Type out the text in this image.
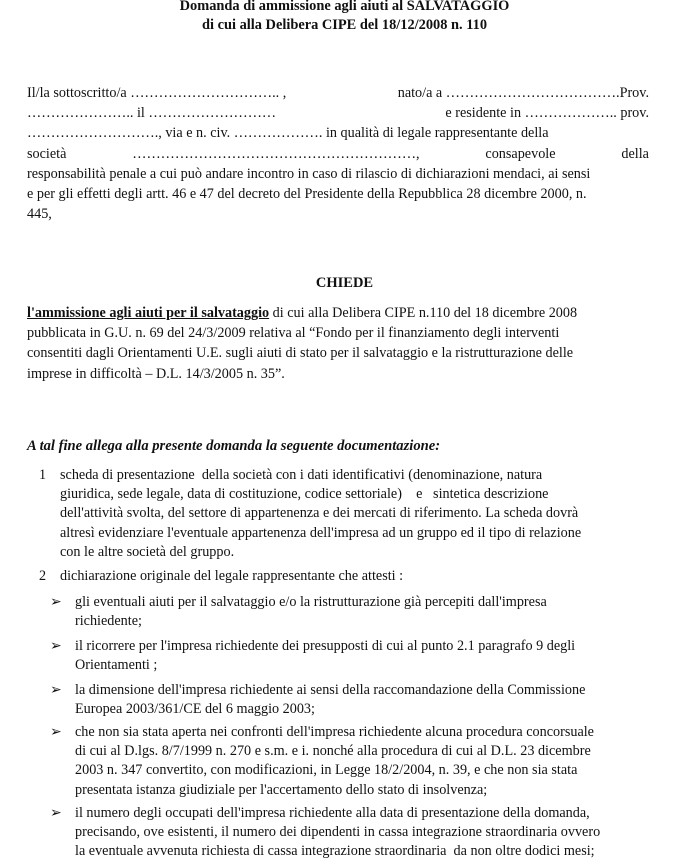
Domanda di ammissione agli aiuti al SALVATAGGIO
di cui alla Delibera CIPE del 18/12/2008 n. 110
Il/la sottoscritto/a ………………………….. ,	nato/a a ……………………………….Prov.
………………….. il ………………………	e residente in ……………….. prov.
………………………., via e n. civ. ………………. in qualità di legale rappresentante della
società	……………………………………………………,	consapevole	della
responsabilità penale a cui può andare incontro in caso di rilascio di dichiarazioni mendaci, ai sensi
e per gli effetti degli artt. 46 e 47 del decreto del Presidente della Repubblica 28 dicembre 2000, n.
445,
CHIEDE
l'ammissione agli aiuti per il salvataggio di cui alla Delibera CIPE n.110 del 18 dicembre 2008
pubblicata in G.U. n. 69 del 24/3/2009 relativa al “Fondo per il finanziamento degli interventi
consentiti dagli Orientamenti U.E. sugli aiuti di stato per il salvataggio e la ristrutturazione delle
imprese in difficoltà – D.L. 14/3/2005 n. 35”.
A tal fine allega alla presente domanda la seguente documentazione:
1 scheda di presentazione  della società con i dati identificativi (denominazione, natura
giuridica, sede legale, data di costituzione, codice settoriale)    e   sintetica descrizione
dell'attività svolta, del settore di appartenenza e dei mercati di riferimento. La scheda dovrà
altresì evidenziare l'eventuale appartenenza dell'impresa ad un gruppo ed il tipo di relazione
con le altre società del gruppo.
2 dichiarazione originale del legale rappresentante che attesti :
➢ gli eventuali aiuti per il salvataggio e/o la ristrutturazione già percepiti dall'impresa
richiedente;
➢ il ricorrere per l'impresa richiedente dei presupposti di cui al punto 2.1 paragrafo 9 degli
Orientamenti ;
➢ la dimensione dell'impresa richiedente ai sensi della raccomandazione della Commissione
Europea 2003/361/CE del 6 maggio 2003;
➢ che non sia stata aperta nei confronti dell'impresa richiedente alcuna procedura concorsuale
di cui al D.lgs. 8/7/1999 n. 270 e s.m. e i. nonché alla procedura di cui al D.L. 23 dicembre
2003 n. 347 convertito, con modificazioni, in Legge 18/2/2004, n. 39, e che non sia stata
presentata istanza giudiziale per l'accertamento dello stato di insolvenza;
➢ il numero degli occupati dell'impresa richiedente alla data di presentazione della domanda,
precisando, ove esistenti, il numero dei dipendenti in cassa integrazione straordinaria ovvero
la eventuale avvenuta richiesta di cassa integrazione straordinaria  da non oltre dodici mesi;
